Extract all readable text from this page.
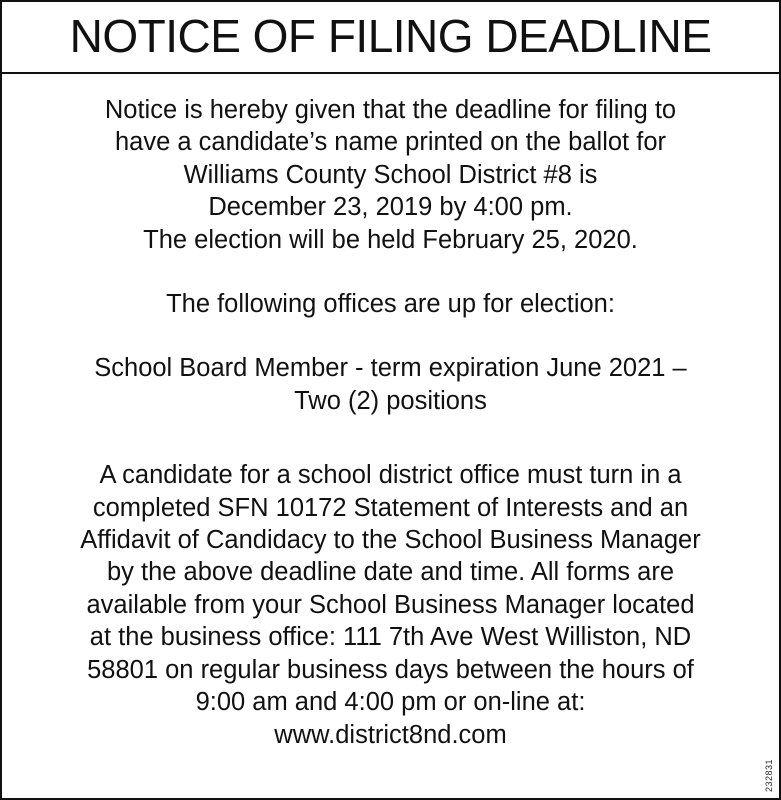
NOTICE OF FILING DEADLINE

Notice is hereby given that the deadline for filing to
have a candidate’s name printed on the ballot for
Williams County School District #8 is
December 23, 2019 by 4:00 pm.
The election will be held February 25, 2020.

The following offices are up for election:

School Board Member - term expiration June 2021 –
Two (2) positions

A candidate for a school district office must turn in a
completed SFN 10172 Statement of Interests and an
Affidavit of Candidacy to the School Business Manager
by the above deadline date and time. All forms are
available from your School Business Manager located
at the business office: 111 7th Ave West Williston, ND
58801 on regular business days between the hours of
9:00 am and 4:00 pm or on-line at:
www.district8nd.com

232831
